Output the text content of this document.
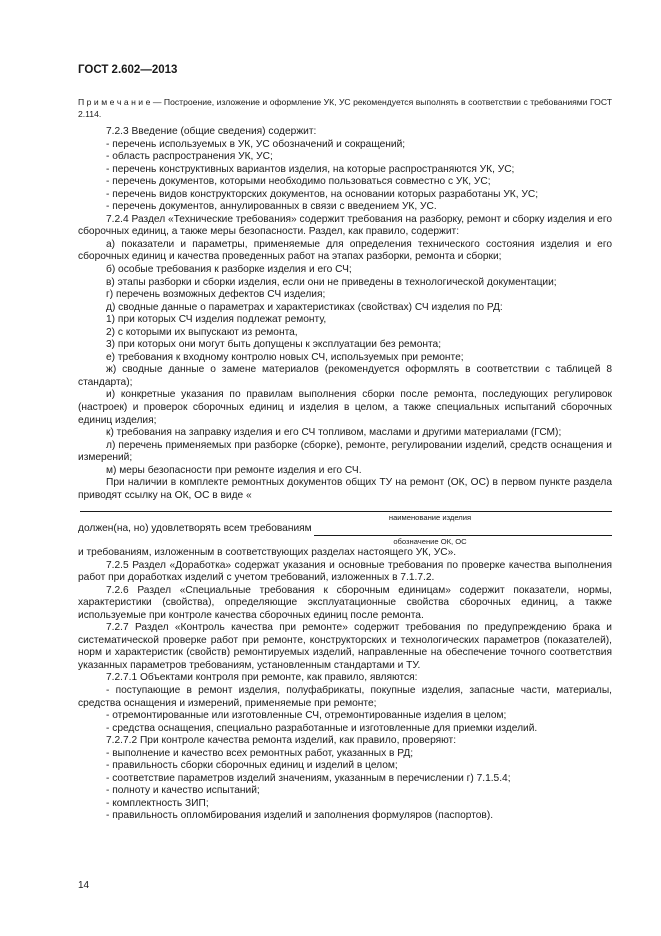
ГОСТ 2.602—2013
П р и м е ч а н и е — Построение, изложение и оформление УК, УС рекомендуется выполнять в соответствии с требованиями ГОСТ 2.114.

7.2.3 Введение (общие сведения) содержит:

- перечень используемых в УК, УС обозначений и сокращений;

- область распространения УК, УС;

- перечень конструктивных вариантов изделия, на которые распространяются УК, УС;

- перечень документов, которыми необходимо пользоваться совместно с УК, УС;

- перечень видов конструкторских документов, на основании которых разработаны УК, УС;

- перечень документов, аннулированных в связи с введением УК, УС.

7.2.4 Раздел «Технические требования» содержит требования на разборку, ремонт и сборку изделия и его сборочных единиц, а также меры безопасности. Раздел, как правило, содержит:

а) показатели и параметры, применяемые для определения технического состояния изделия и его сборочных единиц и качества проведенных работ на этапах разборки, ремонта и сборки;

б) особые требования к разборке изделия и его СЧ;

в) этапы разборки и сборки изделия, если они не приведены в технологической документации;

г) перечень возможных дефектов СЧ изделия;

д) сводные данные о параметрах и характеристиках (свойствах) СЧ изделия по РД:

1) при которых СЧ изделия подлежат ремонту,

2) с которыми их выпускают из ремонта,

3) при которых они могут быть допущены к эксплуатации без ремонта;

е) требования к входному контролю новых СЧ, используемых при ремонте;

ж) сводные данные о замене материалов (рекомендуется оформлять в соответствии с таблицей 8 стандарта);

и) конкретные указания по правилам выполнения сборки после ремонта, последующих регулировок (настроек) и проверок сборочных единиц и изделия в целом, а также специальных испытаний сборочных единиц изделия;

к) требования на заправку изделия и его СЧ топливом, маслами и другими материалами (ГСМ);

л) перечень применяемых при разборке (сборке), ремонте, регулировании изделий, средств оснащения и измерений;

м) меры безопасности при ремонте изделия и его СЧ.

При наличии в комплекте ремонтных документов общих ТУ на ремонт (ОК, ОС) в первом пункте раздела приводят ссылку на ОК, ОС в виде «

наименование изделия
должен(на, но) удовлетворять всем требованиям
обозначение ОК, ОС

и требованиям, изложенным в соответствующих разделах настоящего УК, УС».

7.2.5 Раздел «Доработка» содержат указания и основные требования по проверке качества выполнения работ при доработках изделий с учетом требований, изложенных в 7.1.7.2.

7.2.6 Раздел «Специальные требования к сборочным единицам» содержит показатели, нормы, характеристики (свойства), определяющие эксплуатационные свойства сборочных единиц, а также используемые при контроле качества сборочных единиц после ремонта.

7.2.7 Раздел «Контроль качества при ремонте» содержит требования по предупреждению брака и систематической проверке работ при ремонте, конструкторских и технологических параметров (показателей), норм и характеристик (свойств) ремонтируемых изделий, направленные на обеспечение точного соответствия указанных параметров требованиям, установленным стандартами и ТУ.

7.2.7.1 Объектами контроля при ремонте, как правило, являются:

- поступающие в ремонт изделия, полуфабрикаты, покупные изделия, запасные части, материалы, средства оснащения и измерений, применяемые при ремонте;

- отремонтированные или изготовленные СЧ, отремонтированные изделия в целом;

- средства оснащения, специально разработанные и изготовленные для приемки изделий.

7.2.7.2 При контроле качества ремонта изделий, как правило, проверяют:

- выполнение и качество всех ремонтных работ, указанных в РД;

- правильность сборки сборочных единиц и изделий в целом;

- соответствие параметров изделий значениям, указанным в перечислении г) 7.1.5.4;

- полноту и качество испытаний;

- комплектность ЗИП;

- правильность опломбирования изделий и заполнения формуляров (паспортов).

14
